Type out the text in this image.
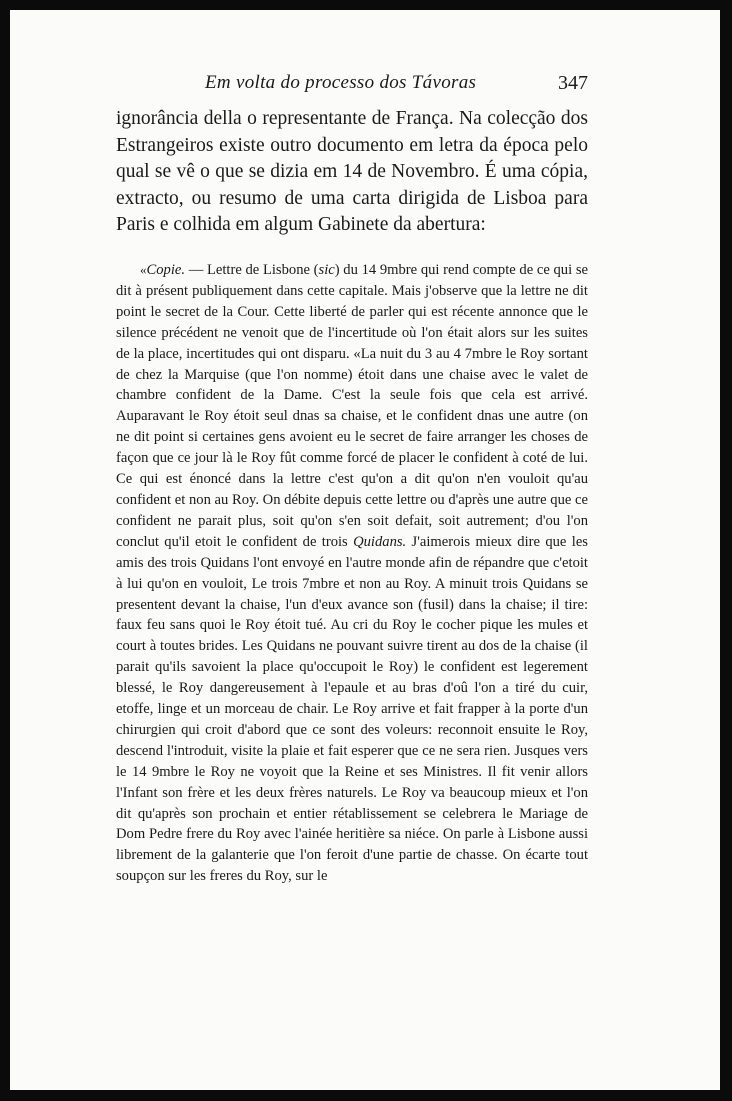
Em volta do processo dos Távoras	347

ignorância della o representante de França. Na colecção dos Estrangeiros existe outro documento em letra da época pelo qual se vê o que se dizia em 14 de Novembro. É uma cópia, extracto, ou resumo de uma carta dirigida de Lisboa para Paris e colhida em algum Gabinete da abertura:

«Copie. — Lettre de Lisbone (sic) du 14 9mbre qui rend compte de ce qui se dit à présent publiquement dans cette capitale. Mais j'observe que la lettre ne dit point le secret de la Cour. Cette liberté de parler qui est récente annonce que le silence précédent ne venoit que de l'incertitude où l'on était alors sur les suites de la place, incertitudes qui ont disparu. «La nuit du 3 au 4 7mbre le Roy sortant de chez la Marquise (que l'on nomme) étoit dans une chaise avec le valet de chambre confident de la Dame. C'est la seule fois que cela est arrivé. Auparavant le Roy étoit seul dnas sa chaise, et le confident dnas une autre (on ne dit point si certaines gens avoient eu le secret de faire arranger les choses de façon que ce jour là le Roy fût comme forcé de placer le confident à coté de lui. Ce qui est énoncé dans la lettre c'est qu'on a dit qu'on n'en vouloit qu'au confident et non au Roy. On débite depuis cette lettre ou d'après une autre que ce confident ne parait plus, soit qu'on s'en soit defait, soit autrement; d'ou l'on conclut qu'il etoit le confident de trois Quidans. J'aimerois mieux dire que les amis des trois Quidans l'ont envoyé en l'autre monde afin de répandre que c'etoit à lui qu'on en vouloit, Le trois 7mbre et non au Roy. A minuit trois Quidans se presentent devant la chaise, l'un d'eux avance son (fusil) dans la chaise; il tire: faux feu sans quoi le Roy étoit tué. Au cri du Roy le cocher pique les mules et court à toutes brides. Les Quidans ne pouvant suivre tirent au dos de la chaise (il parait qu'ils savoient la place qu'occupoit le Roy) le confident est legerement blessé, le Roy dangereusement à l'epaule et au bras d'oû l'on a tiré du cuir, etoffe, linge et un morceau de chair. Le Roy arrive et fait frapper à la porte d'un chirurgien qui croit d'abord que ce sont des voleurs: reconnoit ensuite le Roy, descend l'introduit, visite la plaie et fait esperer que ce ne sera rien. Jusques vers le 14 9mbre le Roy ne voyoit que la Reine et ses Ministres. Il fit venir allors l'Infant son frère et les deux frères naturels. Le Roy va beaucoup mieux et l'on dit qu'après son prochain et entier rétablissement se celebrera le Mariage de Dom Pedre frere du Roy avec l'ainée heritière sa niéce. On parle à Lisbone aussi librement de la galanterie que l'on feroit d'une partie de chasse. On écarte tout soupçon sur les freres du Roy, sur le
